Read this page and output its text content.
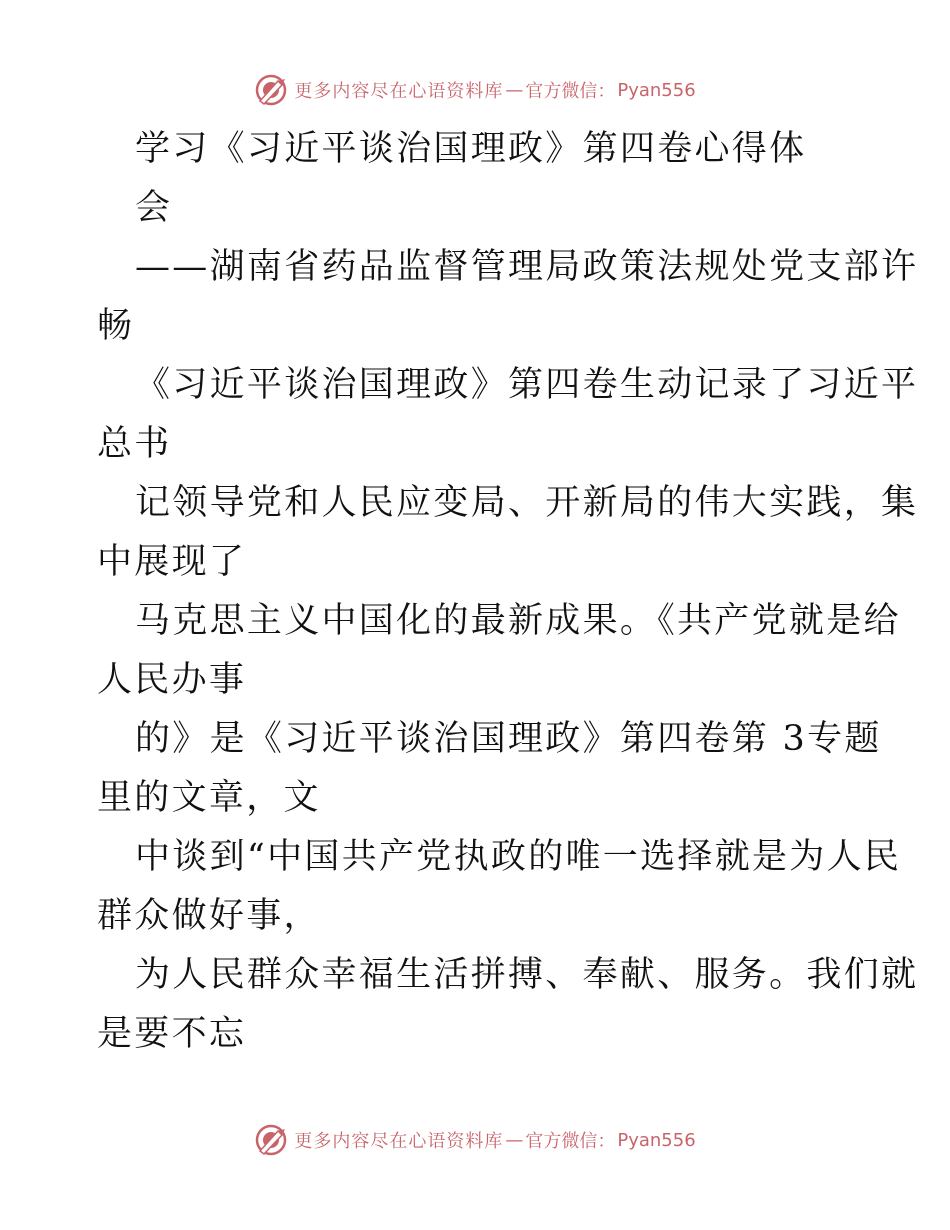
更多内容尽在心语资料库 — 官方微信： Pyan556
学习《习近平谈治国理政》第四卷心得体
会
——湖南省药品监督管理局政策法规处党支部许
畅
《习近平谈治国理政》第四卷生动记录了习近平
总书
记领导党和人民应变局、开新局的伟大实践，集
中展现了
马克思主义中国化的最新成果。《共产党就是给
人民办事
的》是《习近平谈治国理政》第四卷第 3专题
里的文章，文
中谈到“中国共产党执政的唯一选择就是为人民
群众做好事，
为人民群众幸福生活拼搏、奉献、服务。我们就
是要不忘
更多内容尽在心语资料库 — 官方微信： Pyan556
